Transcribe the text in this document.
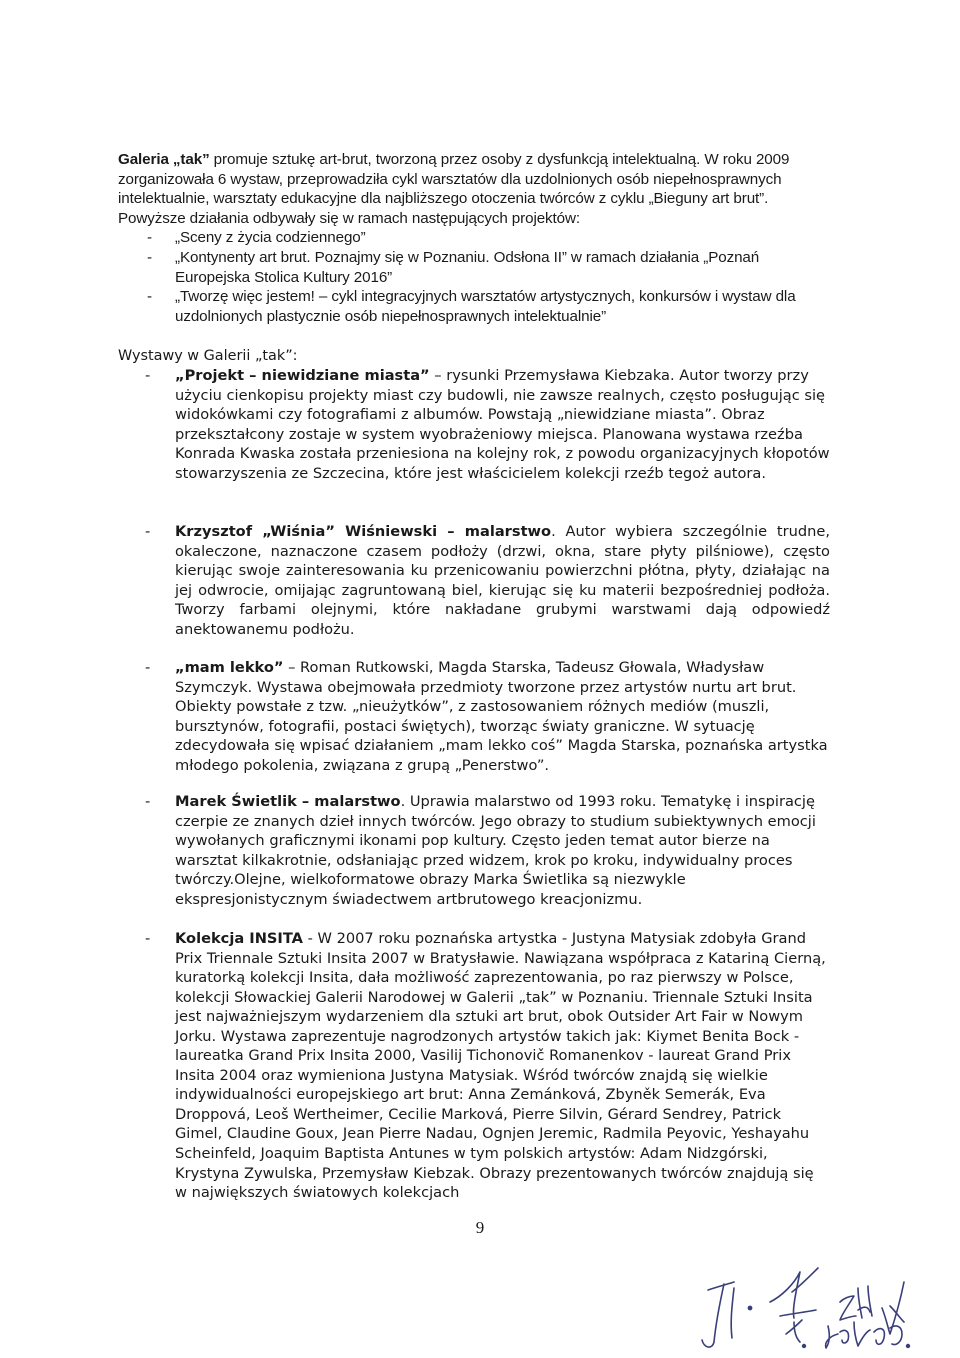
Galeria „tak” promuje sztukę art-brut, tworzoną przez osoby z dysfunkcją intelektualną. W roku 2009 zorganizowała 6 wystaw, przeprowadziła cykl warsztatów dla uzdolnionych osób niepełnosprawnych intelektualnie, warsztaty edukacyjne dla najbliższego otoczenia twórców z cyklu „Bieguny art brut”. Powyższe działania odbywały się w ramach następujących projektów:

- „Sceny z życia codziennego”
- „Kontynenty art brut. Poznajmy się w Poznaniu. Odsłona II” w ramach działania „Poznań Europejska Stolica Kultury 2016”
- „Tworzę więc jestem! – cykl integracyjnych warsztatów artystycznych, konkursów i wystaw dla uzdolnionych plastycznie osób niepełnosprawnych intelektualnie”
Wystawy w Galerii „tak”:
- „Projekt – niewidziane miasta” – rysunki Przemysława Kiebzaka. Autor tworzy przy użyciu cienkopisu projekty miast czy budowli, nie zawsze realnych, często posługując się widokówkami czy fotografiami z albumów. Powstają „niewidziane miasta”. Obraz przekształcony zostaje w system wyobrażeniowy miejsca. Planowana wystawa rzeźba Konrada Kwaska została przeniesiona na kolejny rok, z powodu organizacyjnych kłopotów stowarzyszenia ze Szczecina, które jest właścicielem kolekcji rzeźb tegoż autora.
- Krzysztof „Wiśnia” Wiśniewski – malarstwo. Autor wybiera szczególnie trudne, okaleczone, naznaczone czasem podłoży (drzwi, okna, stare płyty pilśniowe), często kierując swoje zainteresowania ku przenicowaniu powierzchni płótna, płyty, działając na jej odwrocie, omijając zagruntowaną biel, kierując się ku materii bezpośredniej podłoża. Tworzy farbami olejnymi, które nakładane grubymi warstwami dają odpowiedź anektowanemu podłożu.
- „mam lekko” – Roman Rutkowski, Magda Starska, Tadeusz Głowala, Władysław Szymczyk. Wystawa obejmowała przedmioty tworzone przez artystów nurtu art brut. Obiekty powstałe z tzw. „nieużytków”, z zastosowaniem różnych mediów (muszli, bursztynów, fotografii, postaci świętych), tworząc światy graniczne. W sytuację zdecydowała się wpisać działaniem „mam lekko coś” Magda Starska, poznańska artystka młodego pokolenia, związana z grupą „Penerstwo”.
- Marek Świetlik – malarstwo. Uprawia malarstwo od 1993 roku. Tematykę i inspirację czerpie ze znanych dzieł innych twórców. Jego obrazy to studium subiektywnych emocji wywołanych graficznymi ikonami pop kultury. Często jeden temat autor bierze na warsztat kilkakrotnie, odsłaniając przed widzem, krok po kroku, indywidualny proces twórczy.Olejne, wielkoformatowe obrazy Marka Świetlika są niezwykle ekspresjonistycznym świadectwem artbrutowego kreacjonizmu.
- Kolekcja INSITA - W 2007 roku poznańska artystka - Justyna Matysiak zdobyła Grand Prix Triennale Sztuki Insita 2007 w Bratysławie. Nawiązana współpraca z Katariną Cierną, kuratorką kolekcji Insita, dała możliwość zaprezentowania, po raz pierwszy w Polsce, kolekcji Słowackiej Galerii Narodowej w Galerii „tak” w Poznaniu. Triennale Sztuki Insita jest najważniejszym wydarzeniem dla sztuki art brut, obok Outsider Art Fair w Nowym Jorku. Wystawa zaprezentuje nagrodzonych artystów takich jak: Kiymet Benita Bock - laureatka Grand Prix Insita 2000, Vasilij Tichonovič Romanenkov - laureat Grand Prix Insita 2004 oraz wymieniona Justyna Matysiak. Wśród twórców znajdą się wielkie indywidualności europejskiego art brut: Anna Zemánková, Zbyněk Semerák, Eva Droppová, Leoš Wertheimer, Cecilie Marková, Pierre Silvin, Gérard Sendrey, Patrick Gimel, Claudine Goux, Jean Pierre Nadau, Ognjen Jeremic, Radmila Peyovic, Yeshayahu Scheinfeld, Joaquim Baptista Antunes w tym polskich artystów: Adam Nidzgórski, Krystyna Zywulska, Przemysław Kiebzak. Obrazy prezentowanych twórców znajdują się w największych światowych kolekcjach
9
